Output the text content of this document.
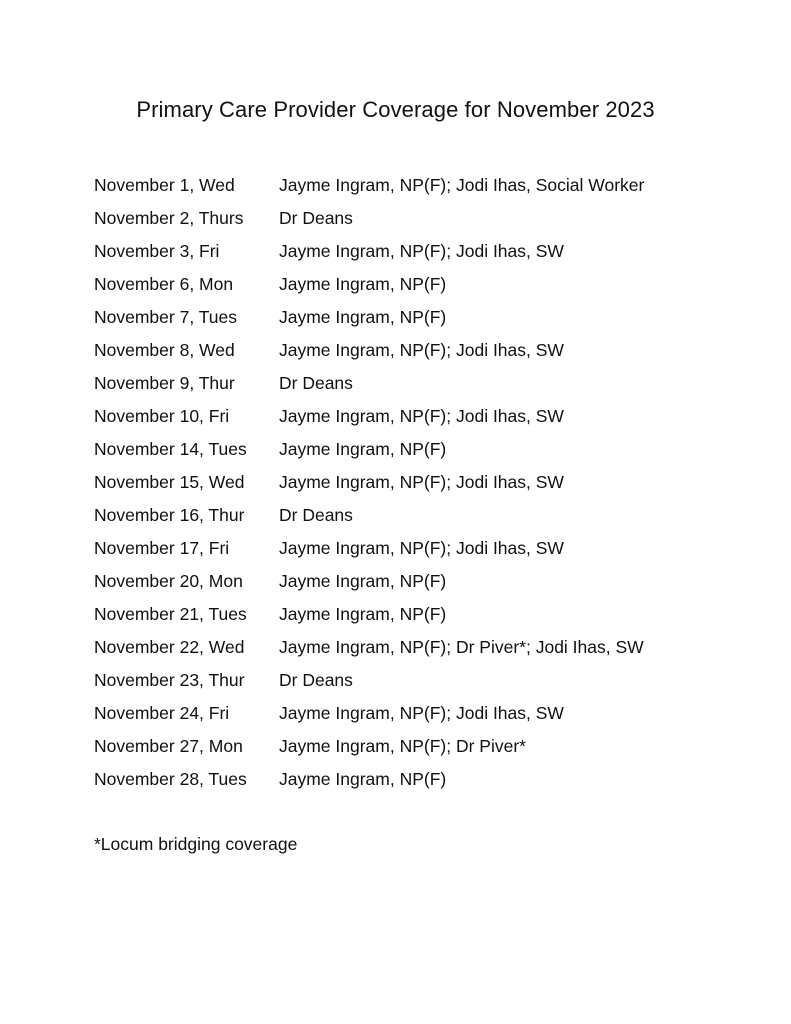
Primary Care Provider Coverage for November 2023
November 1, Wed	Jayme Ingram, NP(F); Jodi Ihas, Social Worker
November 2, Thurs	Dr Deans
November 3, Fri	Jayme Ingram, NP(F); Jodi Ihas, SW
November 6, Mon	Jayme Ingram, NP(F)
November 7, Tues	Jayme Ingram, NP(F)
November 8, Wed	Jayme Ingram, NP(F); Jodi Ihas, SW
November 9, Thur	Dr Deans
November 10, Fri	Jayme Ingram, NP(F); Jodi Ihas, SW
November 14, Tues	Jayme Ingram, NP(F)
November 15, Wed	Jayme Ingram, NP(F); Jodi Ihas, SW
November 16, Thur	Dr Deans
November 17, Fri	Jayme Ingram, NP(F); Jodi Ihas, SW
November 20, Mon	Jayme Ingram, NP(F)
November 21, Tues	Jayme Ingram, NP(F)
November 22, Wed	Jayme Ingram, NP(F); Dr Piver*; Jodi Ihas, SW
November 23, Thur	Dr Deans
November 24, Fri	Jayme Ingram, NP(F); Jodi Ihas, SW
November 27, Mon	Jayme Ingram, NP(F); Dr Piver*
November 28, Tues	Jayme Ingram, NP(F)
*Locum bridging coverage
